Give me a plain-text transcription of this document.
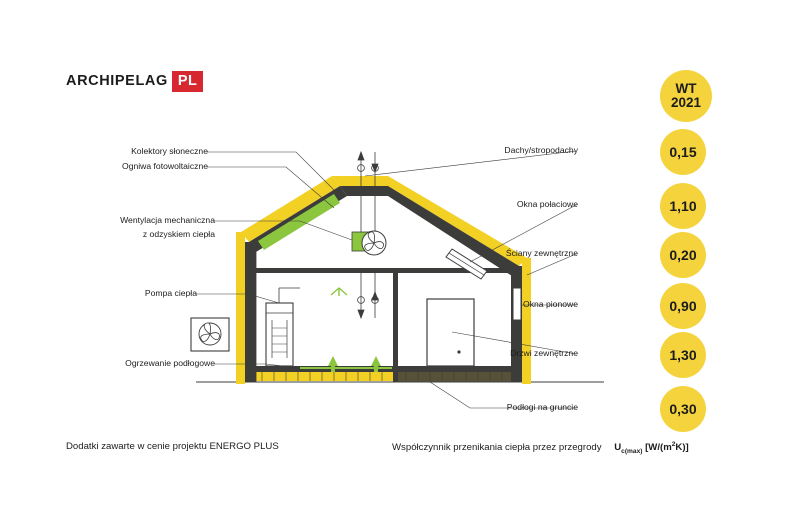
ARCHIPELAG PL
Kolektory słoneczne
Ogniwa fotowoltaiczne
Wentylacja mechaniczna
z odzyskiem ciepła
Pompa ciepła
Ogrzewanie podłogowe
Dachy/stropodachy
Okna połaciowe
Ściany zewnętrzne
Okna pionowe
Drzwi zewnętrzne
Podłogi na gruncie
WT
2021
0,15
1,10
0,20
0,90
1,30
0,30
Dodatki zawarte w cenie projektu ENERGO PLUS	Współczynnik przenikania ciepła przez przegrody $U_{c(max)}$ $[W/(m^2K)]$
